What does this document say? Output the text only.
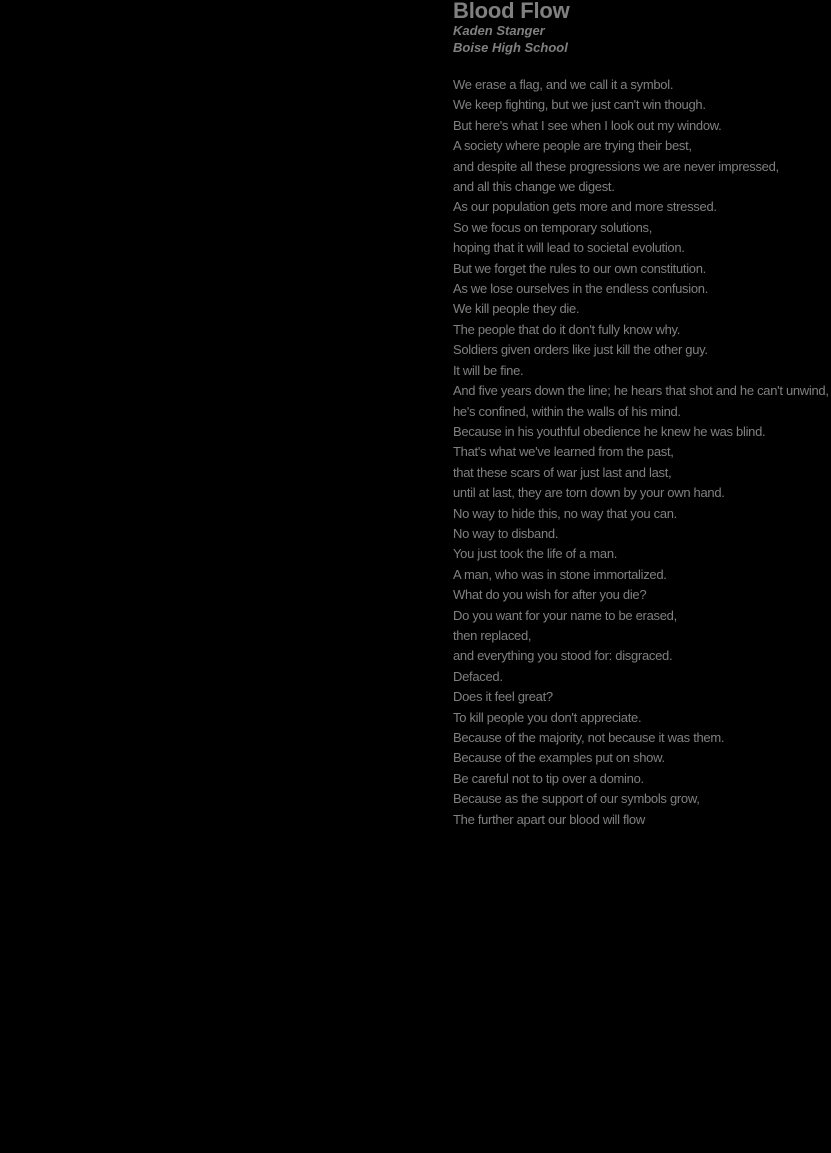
Blood Flow
Kaden Stanger
Boise High School
We erase a flag, and we call it a symbol.
We keep fighting, but we just can't win though.
But here's what I see when I look out my window.
A society where people are trying their best,
and despite all these progressions we are never impressed,
and all this change we digest.
As our population gets more and more stressed.
So we focus on temporary solutions,
hoping that it will lead to societal evolution.
But we forget the rules to our own constitution.
As we lose ourselves in the endless confusion.
We kill people they die.
The people that do it don't fully know why.
Soldiers given orders like just kill the other guy.
It will be fine.
And five years down the line; he hears that shot and he can't unwind,
he's confined, within the walls of his mind.
Because in his youthful obedience he knew he was blind.
That's what we've learned from the past,
that these scars of war just last and last,
until at last, they are torn down by your own hand.
No way to hide this, no way that you can.
No way to disband.
You just took the life of a man.
A man, who was in stone immortalized.
What do you wish for after you die?
Do you want for your name to be erased,
then replaced,
and everything you stood for: disgraced.
Defaced.
Does it feel great?
To kill people you don't appreciate.
Because of the majority, not because it was them.
Because of the examples put on show.
Be careful not to tip over a domino.
Because as the support of our symbols grow,
The further apart our blood will flow
